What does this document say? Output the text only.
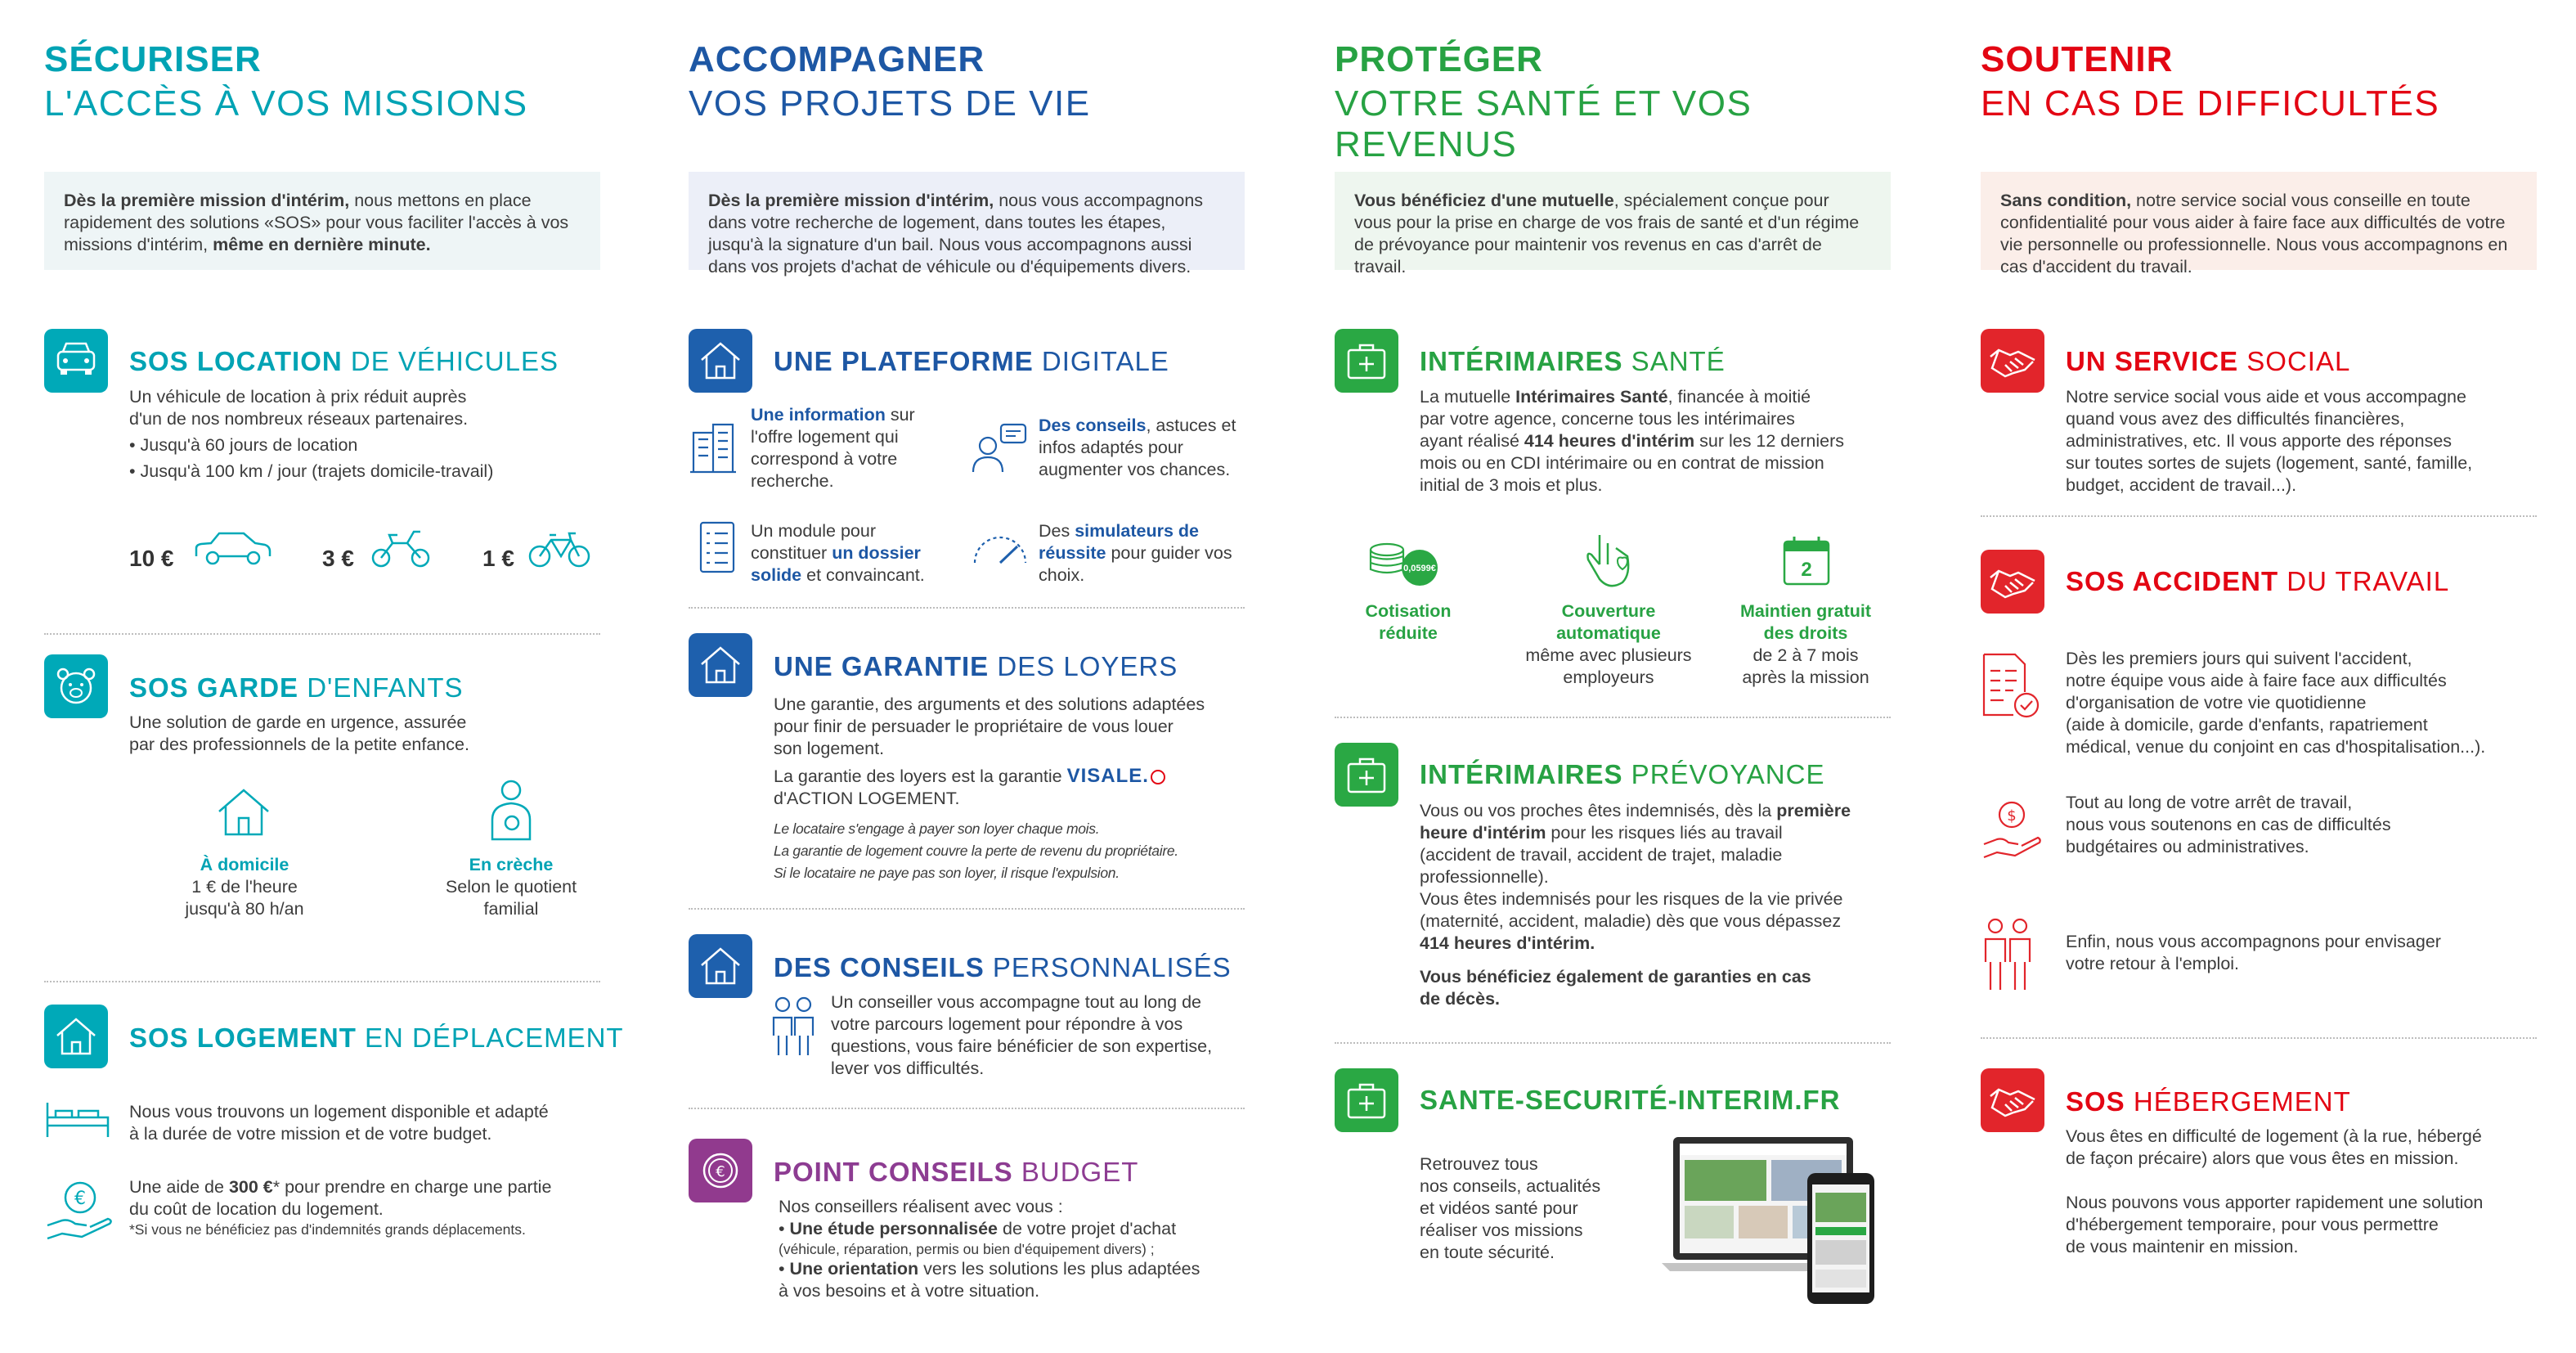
SÉCURISER
L'ACCÈS À VOS MISSIONS
Dès la première mission d'intérim, nous mettons en place rapidement des solutions «SOS» pour vous faciliter l'accès à vos missions d'intérim, même en dernière minute.
SOS LOCATION DE VÉHICULES
Un véhicule de location à prix réduit auprès
d'un de nos nombreux réseaux partenaires.
• Jusqu'à 60 jours de location
• Jusqu'à 100 km / jour (trajets domicile-travail)
10 €	3 €	1 €
SOS GARDE D'ENFANTS
Une solution de garde en urgence, assurée
par des professionnels de la petite enfance.
À domicile
1 € de l'heure
jusqu'à 80 h/an
En crèche
Selon le quotient
familial
SOS LOGEMENT EN DÉPLACEMENT
Nous vous trouvons un logement disponible et adapté
à la durée de votre mission et de votre budget.
€
Une aide de 300 €* pour prendre en charge une partie
du coût de location du logement.
*Si vous ne bénéficiez pas d'indemnités grands déplacements.
ACCOMPAGNER
VOS PROJETS DE VIE
Dès la première mission d'intérim, nous vous accompagnons dans votre recherche de logement, dans toutes les étapes, jusqu'à la signature d'un bail. Nous vous accompagnons aussi dans vos projets d'achat de véhicule ou d'équipements divers.
UNE PLATEFORME DIGITALE
Une information sur l'offre logement qui correspond à votre recherche.
Des conseils, astuces et infos adaptés pour augmenter vos chances.
Un module pour constituer un dossier solide et convaincant.
Des simulateurs de réussite pour guider vos choix.
UNE GARANTIE DES LOYERS
Une garantie, des arguments et des solutions adaptées
pour finir de persuader le propriétaire de vous louer
son logement.
La garantie des loyers est la garantie VISALE.
d'ACTION LOGEMENT.
Le locataire s'engage à payer son loyer chaque mois.
La garantie de logement couvre la perte de revenu du propriétaire.
Si le locataire ne paye pas son loyer, il risque l'expulsion.
DES CONSEILS PERSONNALISÉS
Un conseiller vous accompagne tout au long de
votre parcours logement pour répondre à vos
questions, vous faire bénéficier de son expertise,
lever vos difficultés.
€ POINT CONSEILS BUDGET
Nos conseillers réalisent avec vous :
• Une étude personnalisée de votre projet d'achat
(véhicule, réparation, permis ou bien d'équipement divers) ;
• Une orientation vers les solutions les plus adaptées
à vos besoins et à votre situation.
PROTÉGER
VOTRE SANTÉ ET VOS REVENUS
Vous bénéficiez d'une mutuelle, spécialement conçue pour vous pour la prise en charge de vos frais de santé et d'un régime de prévoyance pour maintenir vos revenus en cas d'arrêt de travail.
INTÉRIMAIRES SANTÉ
La mutuelle Intérimaires Santé, financée à moitié
par votre agence, concerne tous les intérimaires
ayant réalisé 414 heures d'intérim sur les 12 derniers
mois ou en CDI intérimaire ou en contrat de mission
initial de 3 mois et plus.
0,0599€
Cotisation
réduite
Couverture
automatique
même avec plusieurs
employeurs
2
Maintien gratuit
des droits
de 2 à 7 mois
après la mission
INTÉRIMAIRES PRÉVOYANCE
Vous ou vos proches êtes indemnisés, dès la première
heure d'intérim pour les risques liés au travail
(accident de travail, accident de trajet, maladie
professionnelle).
Vous êtes indemnisés pour les risques de la vie privée
(maternité, accident, maladie) dès que vous dépassez
414 heures d'intérim.
Vous bénéficiez également de garanties en cas
de décès.
SANTE-SECURITÉ-INTERIM.FR
Retrouvez tous
nos conseils, actualités
et vidéos santé pour
réaliser vos missions
en toute sécurité.
SOUTENIR
EN CAS DE DIFFICULTÉS
Sans condition, notre service social vous conseille en toute confidentialité pour vous aider à faire face aux difficultés de votre vie personnelle ou professionnelle. Nous vous accompagnons en cas d'accident du travail.
UN SERVICE SOCIAL
Notre service social vous aide et vous accompagne
quand vous avez des difficultés financières,
administratives, etc. Il vous apporte des réponses
sur toutes sortes de sujets (logement, santé, famille,
budget, accident de travail...).
SOS ACCIDENT DU TRAVAIL
Dès les premiers jours qui suivent l'accident,
notre équipe vous aide à faire face aux difficultés
d'organisation de votre vie quotidienne
(aide à domicile, garde d'enfants, rapatriement
médical, venue du conjoint en cas d'hospitalisation...).
$
Tout au long de votre arrêt de travail,
nous vous soutenons en cas de difficultés
budgétaires ou administratives.
Enfin, nous vous accompagnons pour envisager
votre retour à l'emploi.
SOS HÉBERGEMENT
Vous êtes en difficulté de logement (à la rue, hébergé
de façon précaire) alors que vous êtes en mission.
Nous pouvons vous apporter rapidement une solution
d'hébergement temporaire, pour vous permettre
de vous maintenir en mission.
